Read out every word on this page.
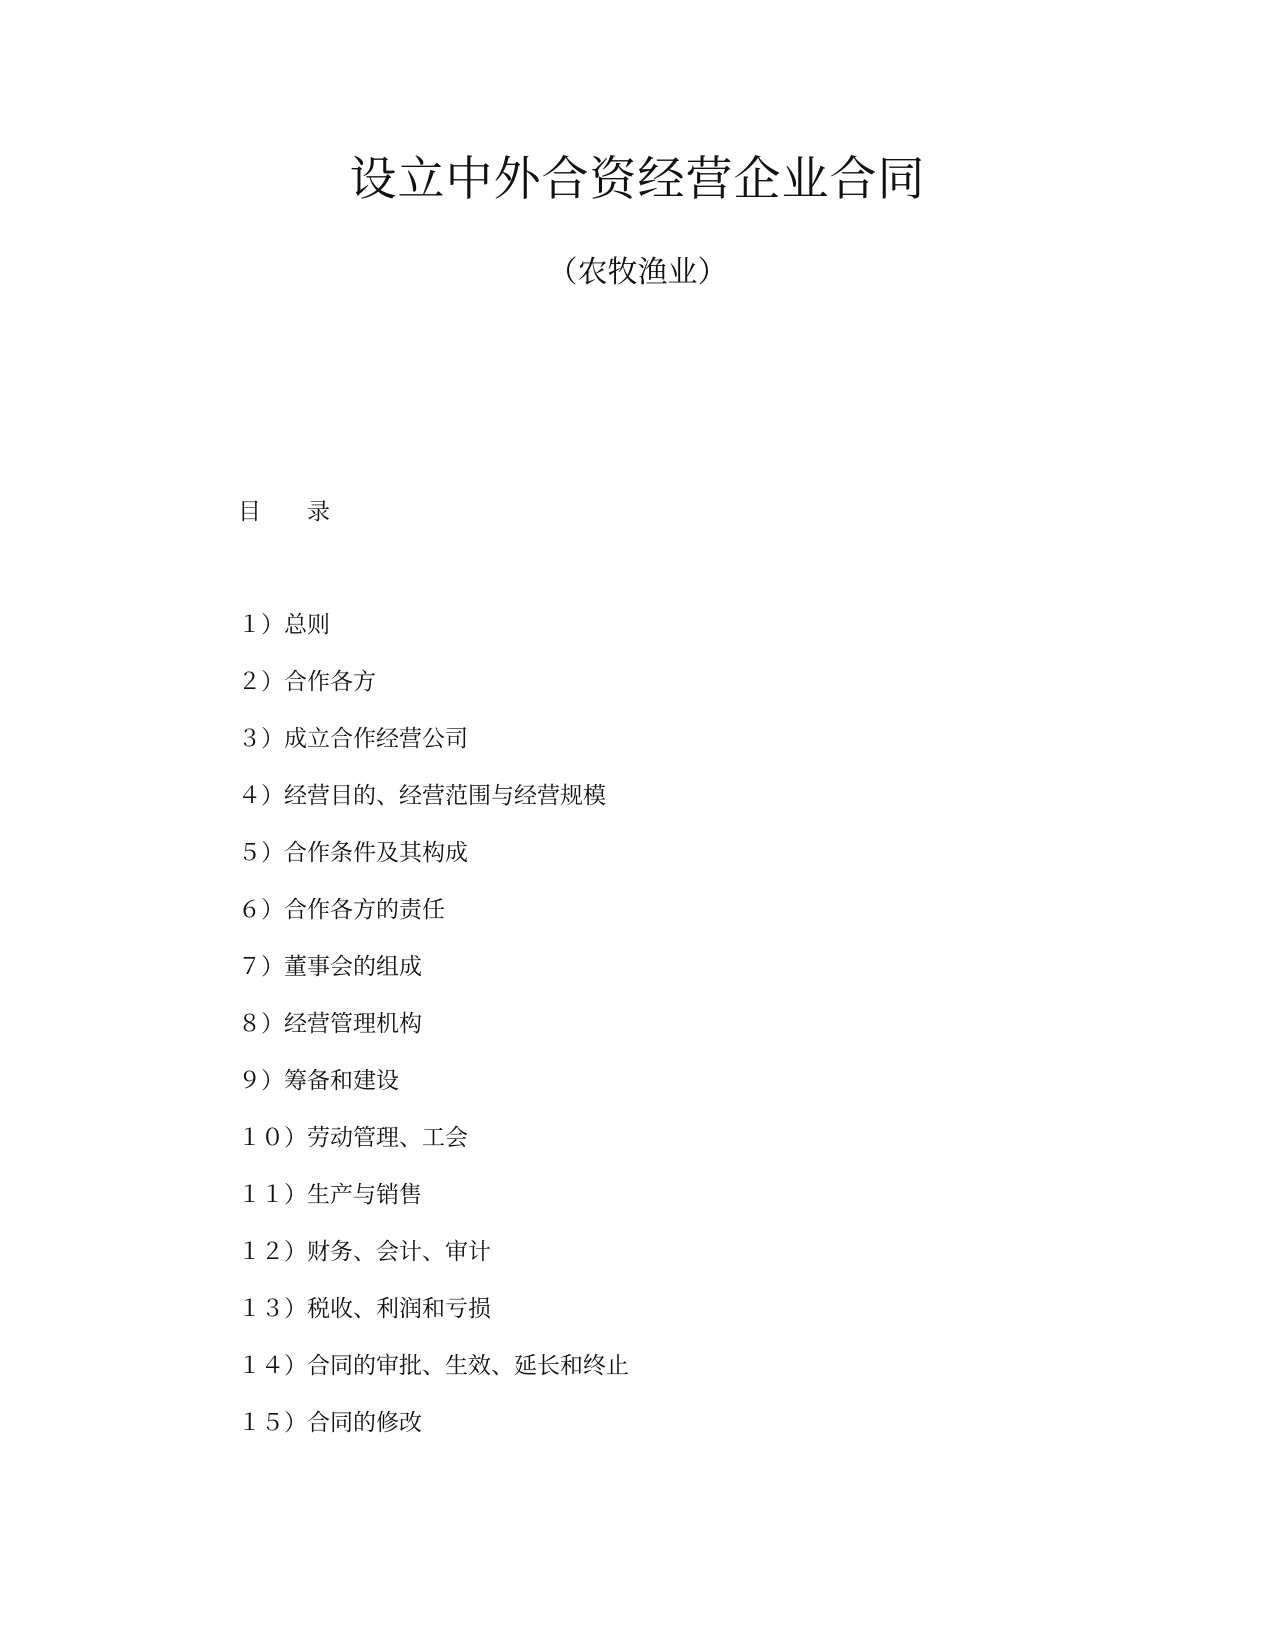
设立中外合资经营企业合同
（农牧渔业）
目　　录
１）总则
２）合作各方
３）成立合作经营公司
４）经营目的、经营范围与经营规模
５）合作条件及其构成
６）合作各方的责任
７）董事会的组成
８）经营管理机构
９）筹备和建设
１０）劳动管理、工会
１１）生产与销售
１２）财务、会计、审计
１３）税收、利润和亏损
１４）合同的审批、生效、延长和终止
１５）合同的修改
